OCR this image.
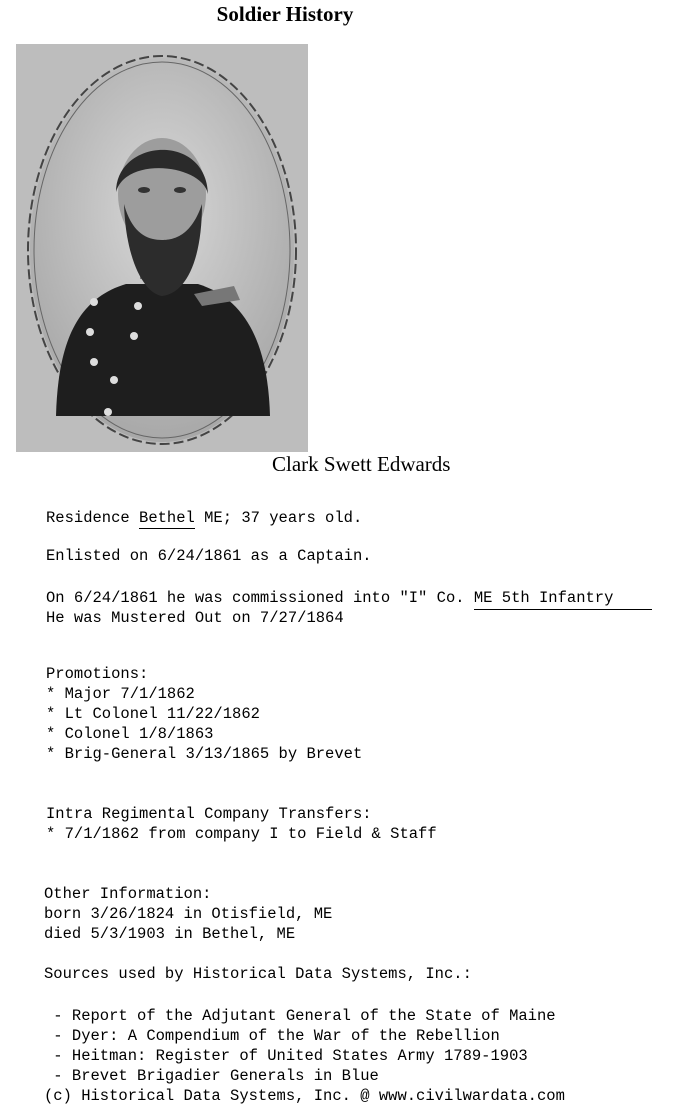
Soldier History
Clark Swett Edwards
Residence Bethel ME; 37 years old.
Enlisted on 6/24/1861 as a Captain.
On 6/24/1861 he was commissioned into "I" Co. ME 5th Infantry
He was Mustered Out on 7/27/1864
Promotions:
* Major 7/1/1862
* Lt Colonel 11/22/1862
* Colonel 1/8/1863
* Brig-General 3/13/1865 by Brevet
Intra Regimental Company Transfers:
* 7/1/1862 from company I to Field & Staff
Other Information:
born 3/26/1824 in Otisfield, ME
died 5/3/1903 in Bethel, ME
Sources used by Historical Data Systems, Inc.:
- Report of the Adjutant General of the State of Maine
- Dyer: A Compendium of the War of the Rebellion
- Heitman: Register of United States Army 1789-1903
- Brevet Brigadier Generals in Blue
(c) Historical Data Systems, Inc. @ www.civilwardata.com
